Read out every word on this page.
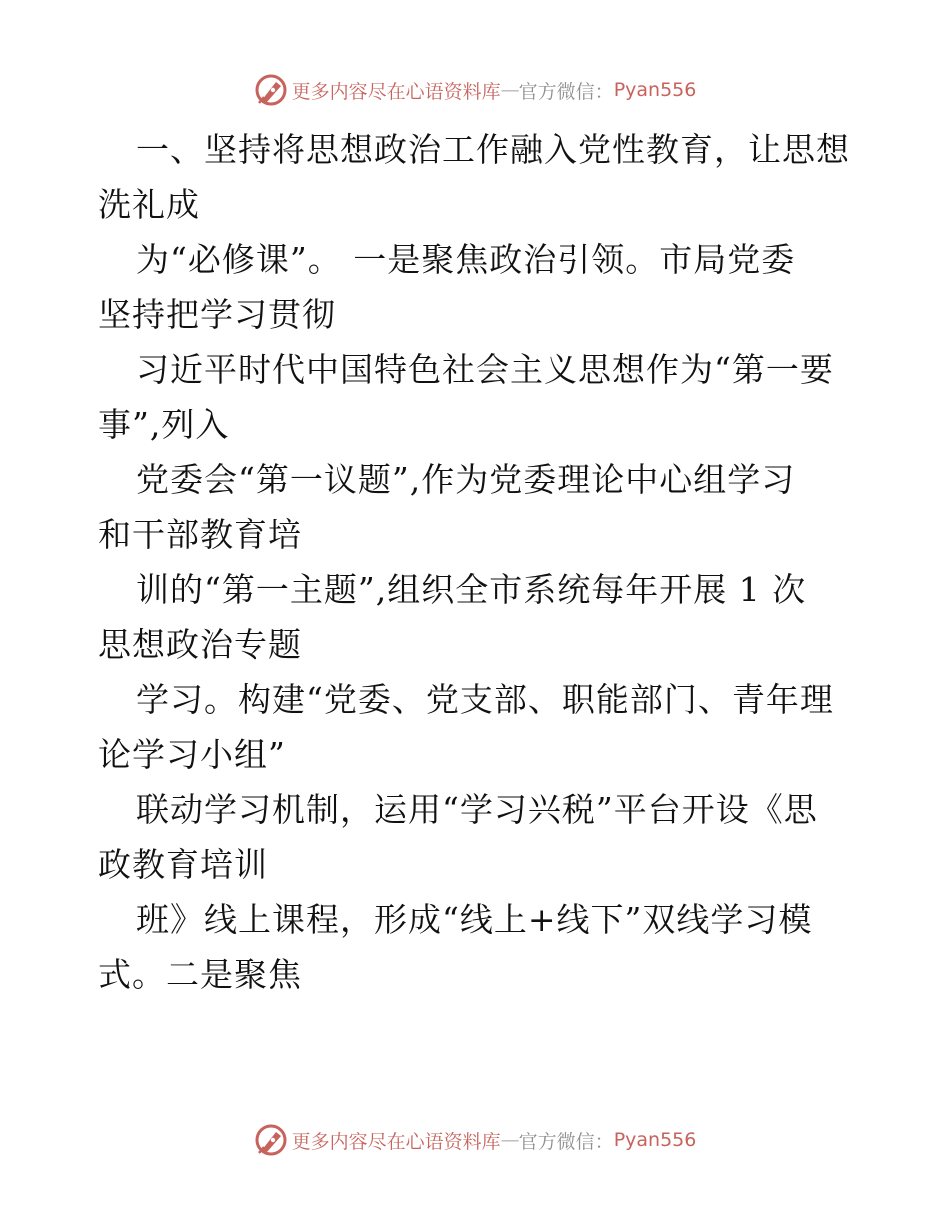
更多内容尽在心语资料库 — 官方微信： Pyan556
一、坚持将思想政治工作融入党性教育，让思想
洗礼成
为“必修课”。 一是聚焦政治引领。市局党委
坚持把学习贯彻
习近平时代中国特色社会主义思想作为“第一要
事”,列入
党委会“第一议题”,作为党委理论中心组学习
和干部教育培
训的“第一主题”,组织全市系统每年开展 1 次
思想政治专题
学习。构建“党委、党支部、职能部门、青年理
论学习小组”
联动学习机制，运用“学习兴税”平台开设《思
政教育培训
班》线上课程，形成“线上+线下”双线学习模
式。二是聚焦
更多内容尽在心语资料库 — 官方微信： Pyan556
